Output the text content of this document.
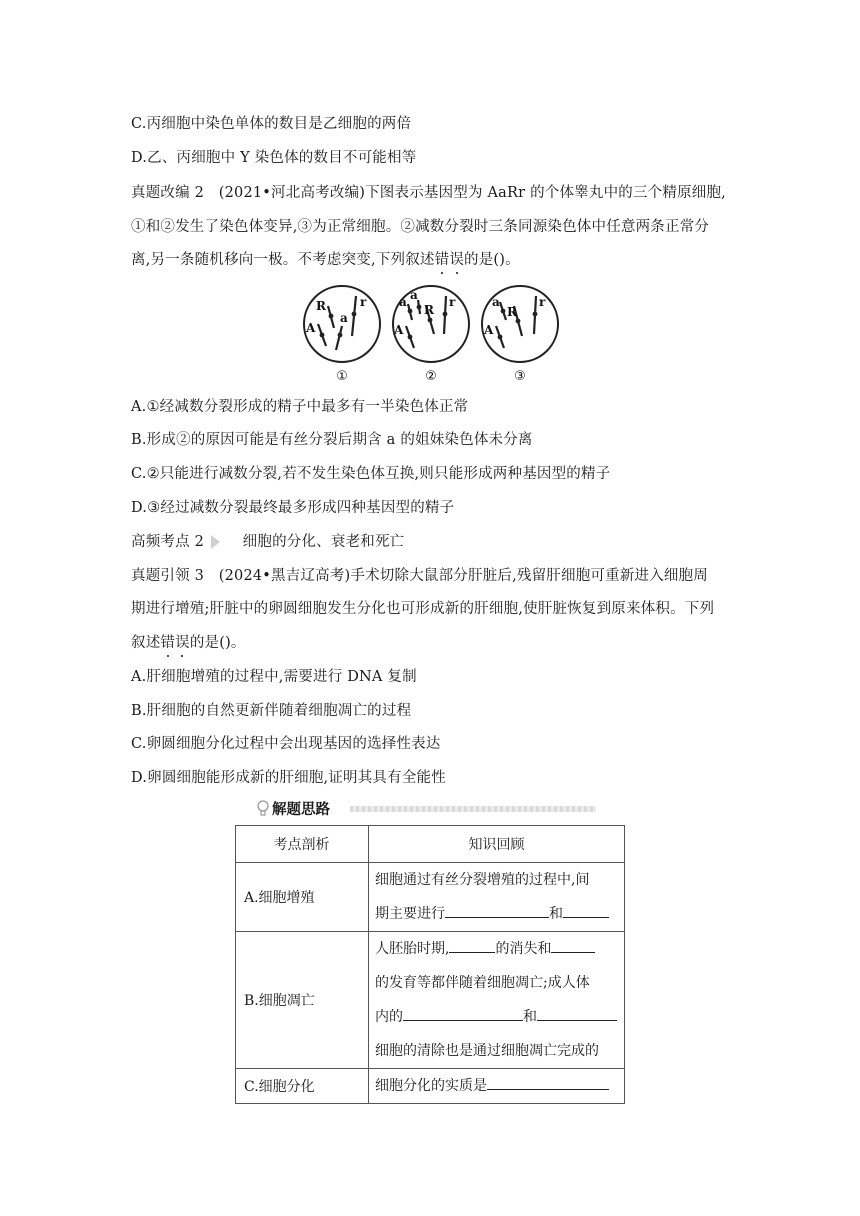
C.丙细胞中染色单体的数目是乙细胞的两倍
D.乙、丙细胞中 Y 染色体的数目不可能相等
真题改编 2　(2021•河北高考改编)下图表示基因型为 AaRr 的个体睾丸中的三个精原细胞,
①和②发生了染色体变异,③为正常细胞。②减数分裂时三条同源染色体中任意两条正常分
离,另一条随机移向一极。不考虑突变,下列叙述错误的是()。
R
A
a
r	a a
R
A
r	a
R
A
r
①	②	③
A.①经减数分裂形成的精子中最多有一半染色体正常
B.形成②的原因可能是有丝分裂后期含 a 的姐妹染色体未分离
C.②只能进行减数分裂,若不发生染色体互换,则只能形成两种基因型的精子
D.③经过减数分裂最终最多形成四种基因型的精子
高频考点 2	细胞的分化、衰老和死亡
真题引领 3　(2024•黑吉辽高考)手术切除大鼠部分肝脏后,残留肝细胞可重新进入细胞周
期进行增殖;肝脏中的卵圆细胞发生分化也可形成新的肝细胞,使肝脏恢复到原来体积。下列
叙述错误的是()。
A.肝细胞增殖的过程中,需要进行 DNA 复制
B.肝细胞的自然更新伴随着细胞凋亡的过程
C.卵圆细胞分化过程中会出现基因的选择性表达
D.卵圆细胞能形成新的肝细胞,证明其具有全能性
解题思路
考点剖析	知识回顾
A.细胞增殖	细胞通过有丝分裂增殖的过程中,间
期主要进行 和

B.细胞凋亡	人胚胎时期, 的消失和
的发育等都伴随着细胞凋亡;成人体
内的 和
细胞的清除也是通过细胞凋亡完成的

C.细胞分化	细胞分化的实质是
